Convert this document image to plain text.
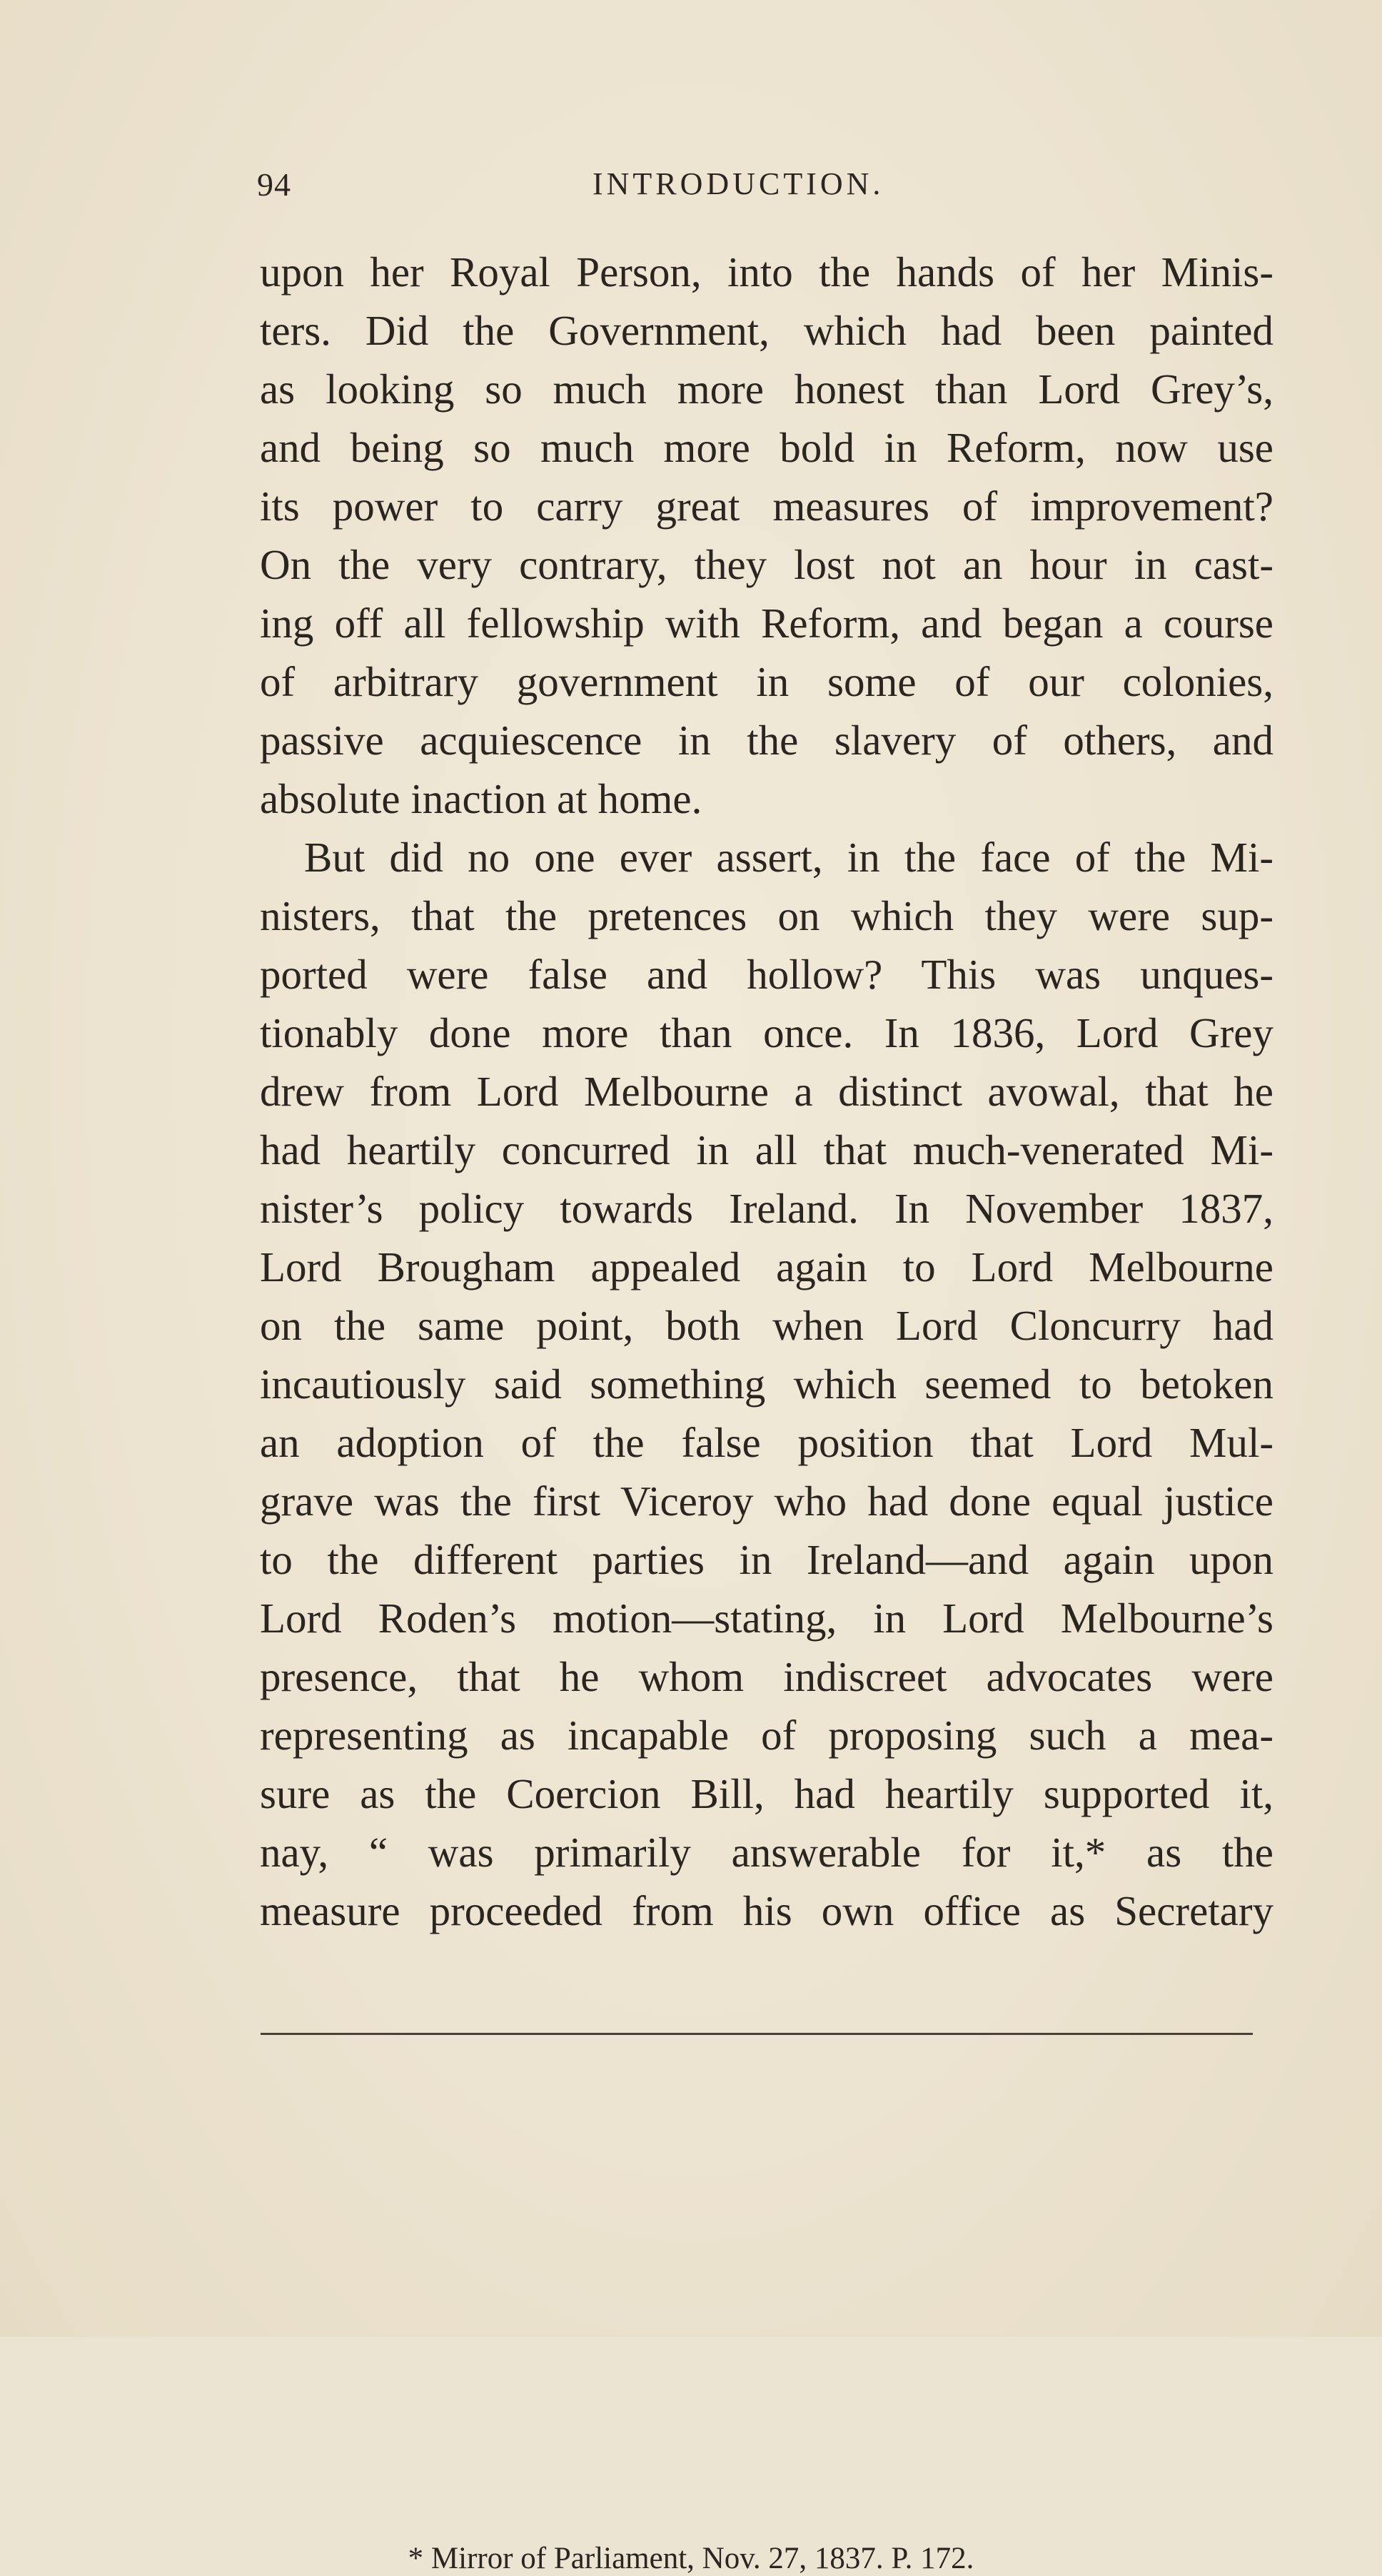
94	INTRODUCTION.
upon her Royal Person, into the hands of her Minis-
ters. Did the Government, which had been painted
as looking so much more honest than Lord Grey’s,
and being so much more bold in Reform, now use
its power to carry great measures of improvement?
On the very contrary, they lost not an hour in cast-
ing off all fellowship with Reform, and began a course
of arbitrary government in some of our colonies,
passive acquiescence in the slavery of others, and
absolute inaction at home.
But did no one ever assert, in the face of the Mi-
nisters, that the pretences on which they were sup-
ported were false and hollow? This was unques-
tionably done more than once. In 1836, Lord Grey
drew from Lord Melbourne a distinct avowal, that he
had heartily concurred in all that much-venerated Mi-
nister’s policy towards Ireland. In November 1837,
Lord Brougham appealed again to Lord Melbourne
on the same point, both when Lord Cloncurry had
incautiously said something which seemed to betoken
an adoption of the false position that Lord Mul-
grave was the first Viceroy who had done equal justice
to the different parties in Ireland—and again upon
Lord Roden’s motion—stating, in Lord Melbourne’s
presence, that he whom indiscreet advocates were
representing as incapable of proposing such a mea-
sure as the Coercion Bill, had heartily supported it,
nay, “ was primarily answerable for it,* as the
measure proceeded from his own office as Secretary
* Mirror of Parliament, Nov. 27, 1837. P. 172.
